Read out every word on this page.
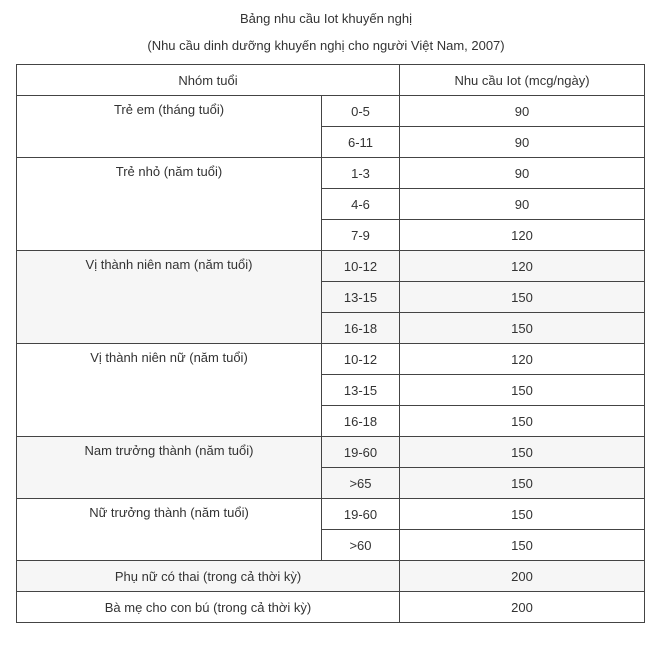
Bảng nhu cầu Iot khuyến nghị
(Nhu cầu dinh dưỡng khuyến nghị cho người Việt Nam, 2007)
Nhóm tuổi		Nhu cầu Iot (mcg/ngày)
Trẻ em (tháng tuổi)	0-5	90
	6-11	90
Trẻ nhỏ (năm tuổi)	1-3	90
	4-6	90
	7-9	120
Vị thành niên nam (năm tuổi)	10-12	120
	13-15	150
	16-18	150
Vị thành niên nữ (năm tuổi)	10-12	120
	13-15	150
	16-18	150
Nam trưởng thành (năm tuổi)	19-60	150
	>65	150
Nữ trưởng thành (năm tuổi)	19-60	150
	>60	150
Phụ nữ có thai (trong cả thời kỳ)		200
Bà mẹ cho con bú (trong cả thời kỳ)		200
